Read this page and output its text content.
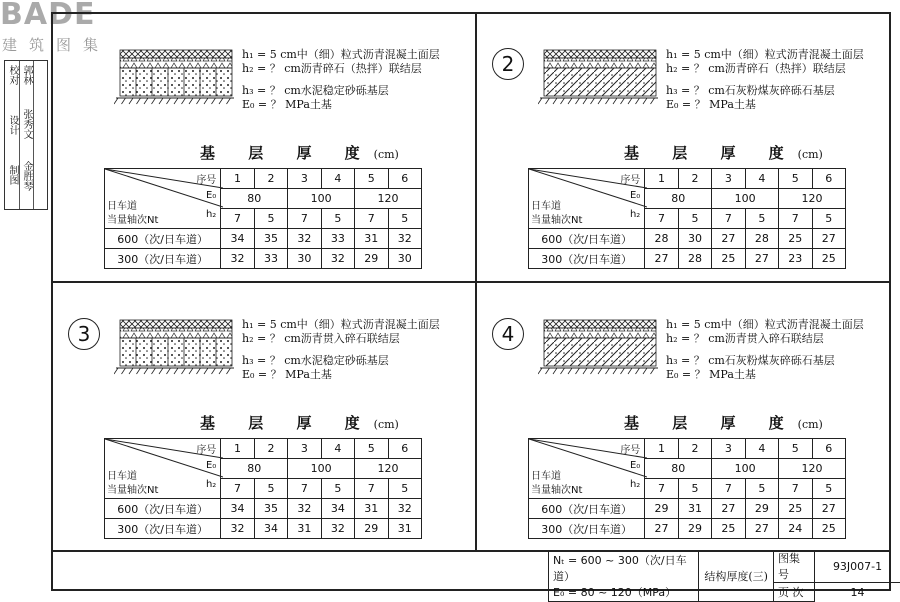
BADE
建筑图集
校对
设计
制图
郭林
张秀文
金胜琴
h₁ = 5 cm中（细）粒式沥青混凝土面层
h₂ = ？ cm沥青碎石（热拌）联结层
h₃ = ？ cm水泥稳定砂砾基层
E₀ = ？ MPa土基
基 层 厚 度(cm)
序号
E₀
h₂
日车道
当量轴次Nt	1	2	3	4	5	6
	80		100		120	
	7	5	7	5	7	5
600（次/日车道）	34	35	32	33	31	32
300（次/日车道）	32	33	30	32	29	30
2	h₁ = 5 cm中（细）粒式沥青混凝土面层
h₂ = ？ cm沥青碎石（热拌）联结层
h₃ = ？ cm石灰粉煤灰碎砾石基层
E₀ = ？ MPa土基
基 层 厚 度(cm)
序号
E₀
h₂
日车道
当量轴次Nt	1	2	3	4	5	6
	80		100		120	
	7	5	7	5	7	5
600（次/日车道）	28	30	27	28	25	27
300（次/日车道）	27	28	25	27	23	25
3	h₁ = 5 cm中（细）粒式沥青混凝土面层
h₂ = ？ cm沥青贯入碎石联结层
h₃ = ？ cm水泥稳定砂砾基层
E₀ = ？ MPa土基
基 层 厚 度(cm)
序号
E₀
h₂
日车道
当量轴次Nt	1	2	3	4	5	6
	80		100		120	
	7	5	7	5	7	5
600（次/日车道）	34	35	32	34	31	32
300（次/日车道）	32	34	31	32	29	31
4	h₁ = 5 cm中（细）粒式沥青混凝土面层
h₂ = ？ cm沥青贯入碎石联结层
h₃ = ？ cm石灰粉煤灰碎砾石基层
E₀ = ？ MPa土基
基 层 厚 度(cm)
序号
E₀
h₂
日车道
当量轴次Nt	1	2	3	4	5	6
	80		100		120	
	7	5	7	5	7	5
600（次/日车道）	29	31	27	29	25	27
300（次/日车道）	27	29	25	27	24	25
Nₜ = 600 ~ 300（次/日车道）
E₀ = 80 ~ 120（MPa）	结构厚度(三)	图集号	93J007-1
		页 次	14
